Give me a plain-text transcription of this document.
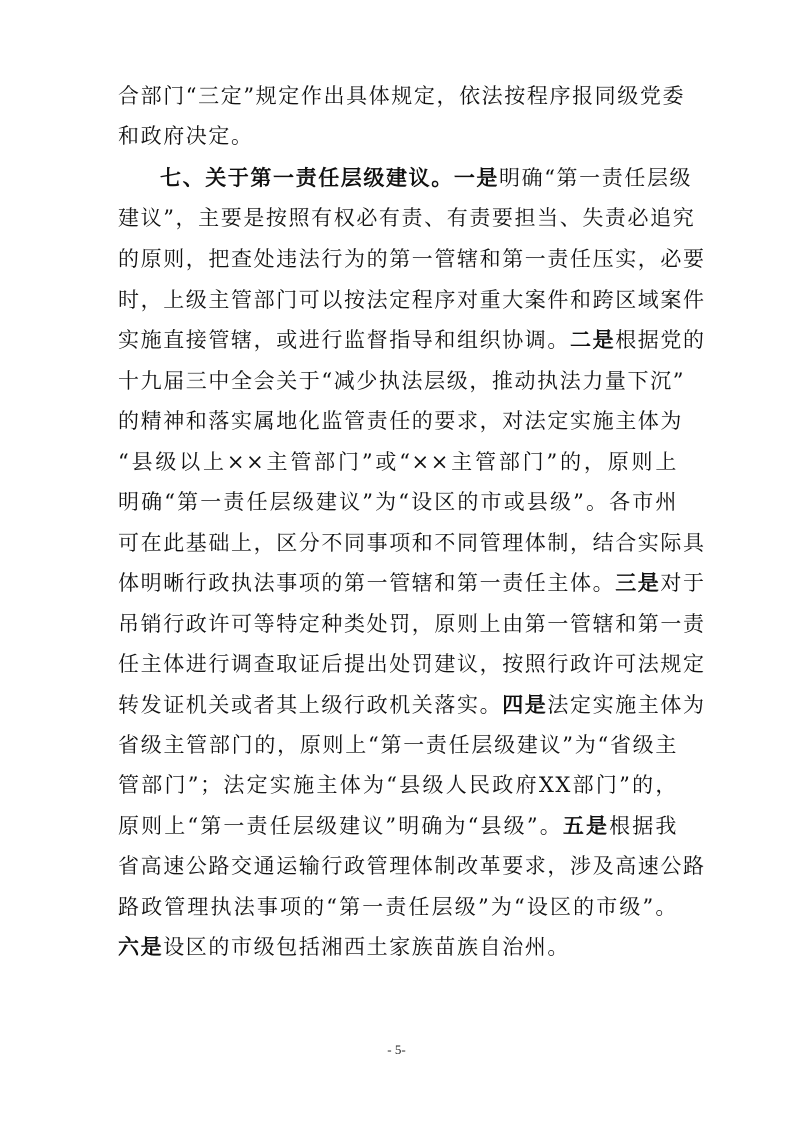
合部门“三定”规定作出具体规定，依法按程序报同级党委
和政府决定。
七、关于第一责任层级建议。一是明确“第一责任层级
建议”，主要是按照有权必有责、有责要担当、失责必追究
的原则，把查处违法行为的第一管辖和第一责任压实，必要
时，上级主管部门可以按法定程序对重大案件和跨区域案件
实施直接管辖，或进行监督指导和组织协调。二是根据党的
十九届三中全会关于“减少执法层级，推动执法力量下沉”
的精神和落实属地化监管责任的要求，对法定实施主体为
“县级以上××主管部门”或“××主管部门”的，原则上
明确“第一责任层级建议”为“设区的市或县级”。各市州
可在此基础上，区分不同事项和不同管理体制，结合实际具
体明晰行政执法事项的第一管辖和第一责任主体。三是对于
吊销行政许可等特定种类处罚，原则上由第一管辖和第一责
任主体进行调查取证后提出处罚建议，按照行政许可法规定
转发证机关或者其上级行政机关落实。四是法定实施主体为
省级主管部门的，原则上“第一责任层级建议”为“省级主
管部门”；法定实施主体为“县级人民政府XX部门”的，
原则上“第一责任层级建议”明确为“县级”。五是根据我
省高速公路交通运输行政管理体制改革要求，涉及高速公路
路政管理执法事项的“第一责任层级”为“设区的市级”。
六是设区的市级包括湘西土家族苗族自治州。
- 5-
